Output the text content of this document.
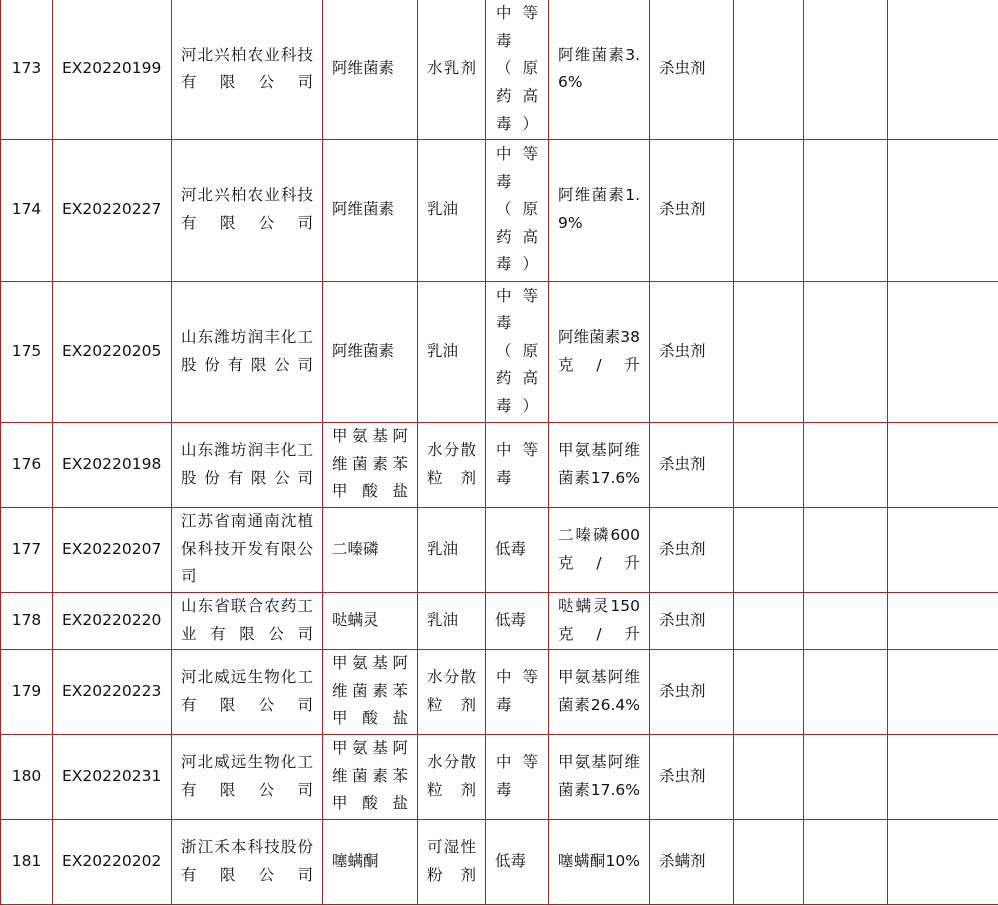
173	EX20220199	河北兴柏农业科技有限公司	阿维菌素	水乳剂	中等毒（原药高毒）	阿维菌素3.6%	杀虫剂			
174	EX20220227	河北兴柏农业科技有限公司	阿维菌素	乳油	中等毒（原药高毒）	阿维菌素1.9%	杀虫剂			
175	EX20220205	山东潍坊润丰化工股份有限公司	阿维菌素	乳油	中等毒（原药高毒）	阿维菌素38克/升	杀虫剂			
176	EX20220198	山东潍坊润丰化工股份有限公司	甲氨基阿维菌素苯甲酸盐	水分散粒剂	中等毒	甲氨基阿维菌素17.6%	杀虫剂			
177	EX20220207	江苏省南通南沈植保科技开发有限公司	二嗪磷	乳油	低毒	二嗪磷600克/升	杀虫剂			
178	EX20220220	山东省联合农药工业有限公司	哒螨灵	乳油	低毒	哒螨灵150克/升	杀虫剂			
179	EX20220223	河北威远生物化工有限公司	甲氨基阿维菌素苯甲酸盐	水分散粒剂	中等毒	甲氨基阿维菌素26.4%	杀虫剂			
180	EX20220231	河北威远生物化工有限公司	甲氨基阿维菌素苯甲酸盐	水分散粒剂	中等毒	甲氨基阿维菌素17.6%	杀虫剂			
181	EX20220202	浙江禾本科技股份有限公司	噻螨酮	可湿性粉剂	低毒	噻螨酮10%	杀螨剂			
